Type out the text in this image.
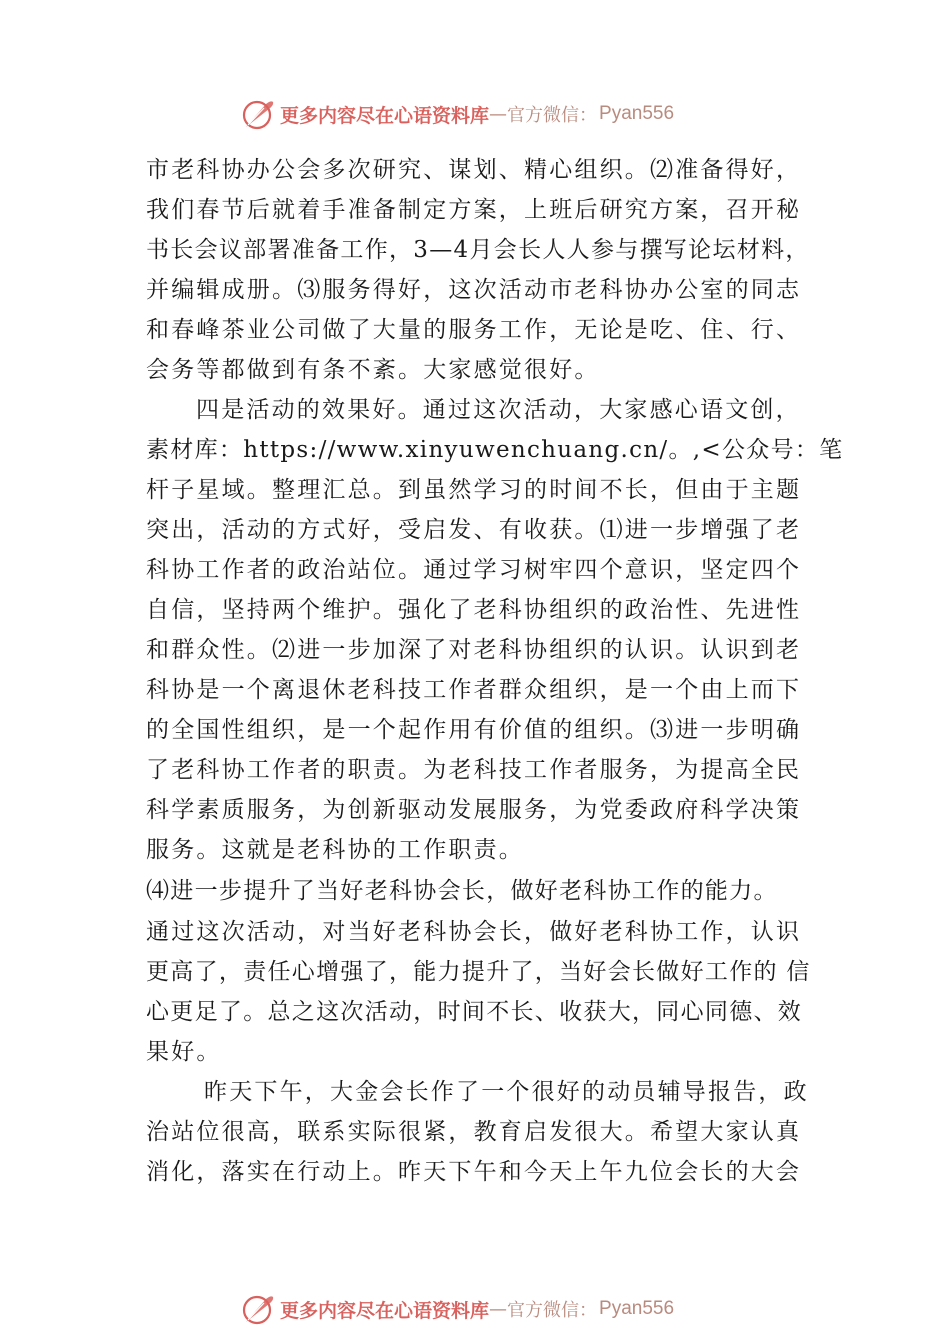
更多内容尽在心语资料库 — 官方微信： Pyan556
市老科协办公会多次研究、谋划、精心组织。⑵准备得好，
我们春节后就着手准备制定方案，上班后研究方案，召开秘
书长会议部署准备工作，3—4月会长人人参与撰写论坛材料，
并编辑成册。⑶服务得好，这次活动市老科协办公室的同志
和春峰茶业公司做了大量的服务工作，无论是吃、住、行、
会务等都做到有条不紊。大家感觉很好。
四是活动的效果好。通过这次活动，大家感心语文创，
素材库：https://www.xinyuwenchuang.cn/。,<公众号：笔
杆子星域。整理汇总。到虽然学习的时间不长，但由于主题
突出，活动的方式好，受启发、有收获。⑴进一步增强了老
科协工作者的政治站位。通过学习树牢四个意识，坚定四个
自信，坚持两个维护。强化了老科协组织的政治性、先进性
和群众性。⑵进一步加深了对老科协组织的认识。认识到老
科协是一个离退休老科技工作者群众组织，是一个由上而下
的全国性组织，是一个起作用有价值的组织。⑶进一步明确
了老科协工作者的职责。为老科技工作者服务，为提高全民
科学素质服务，为创新驱动发展服务，为党委政府科学决策
服务。这就是老科协的工作职责。
⑷进一步提升了当好老科协会长，做好老科协工作的能力。
通过这次活动，对当好老科协会长，做好老科协工作，认识
更高了，责任心增强了，能力提升了，当好会长做好工作的 信
心更足了。总之这次活动，时间不长、收获大，同心同德、效
果好。
昨天下午，大金会长作了一个很好的动员辅导报告，政
治站位很高，联系实际很紧，教育启发很大。希望大家认真
消化，落实在行动上。昨天下午和今天上午九位会长的大会
更多内容尽在心语资料库 — 官方微信： Pyan556
